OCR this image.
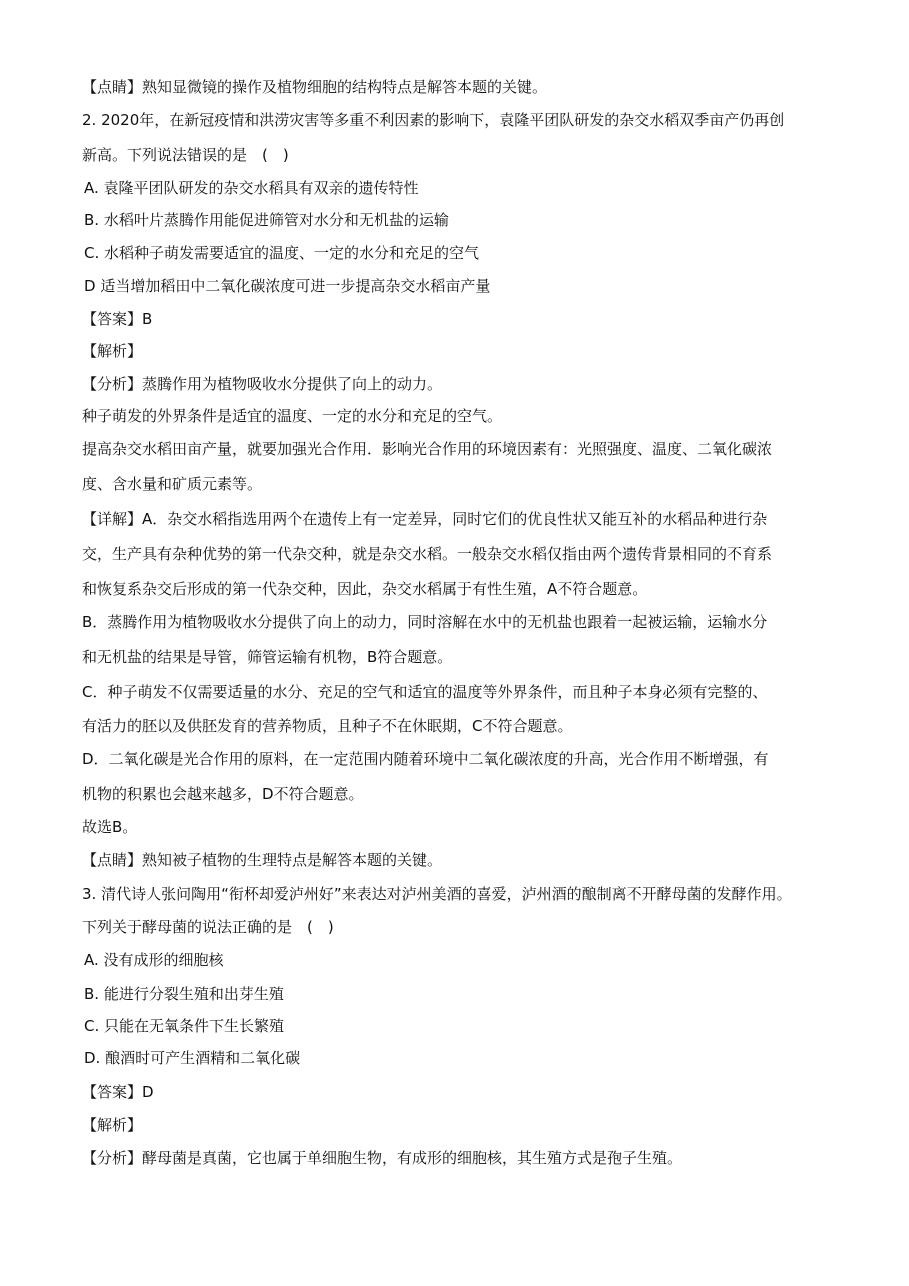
【点睛】熟知显微镜的操作及植物细胞的结构特点是解答本题的关键。
2. 2020年，在新冠疫情和洪涝灾害等多重不利因素的影响下，袁隆平团队研发的杂交水稻双季亩产仍再创
新高。下列说法错误的是　(　)
A. 袁隆平团队研发的杂交水稻具有双亲的遗传特性
B. 水稻叶片蒸腾作用能促进筛管对水分和无机盐的运输
C. 水稻种子萌发需要适宜的温度、一定的水分和充足的空气
D 适当增加稻田中二氧化碳浓度可进一步提高杂交水稻亩产量
【答案】B
【解析】
【分析】蒸腾作用为植物吸收水分提供了向上的动力。
种子萌发的外界条件是适宜的温度、一定的水分和充足的空气。
提高杂交水稻田亩产量，就要加强光合作用．影响光合作用的环境因素有：光照强度、温度、二氧化碳浓
度、含水量和矿质元素等。
【详解】A．杂交水稻指选用两个在遗传上有一定差异，同时它们的优良性状又能互补的水稻品种进行杂
交，生产具有杂种优势的第一代杂交种，就是杂交水稻。一般杂交水稻仅指由两个遗传背景相同的不育系
和恢复系杂交后形成的第一代杂交种，因此，杂交水稻属于有性生殖，A不符合题意。
B．蒸腾作用为植物吸收水分提供了向上的动力，同时溶解在水中的无机盐也跟着一起被运输，运输水分
和无机盐的结果是导管，筛管运输有机物，B符合题意。
C．种子萌发不仅需要适量的水分、充足的空气和适宜的温度等外界条件，而且种子本身必须有完整的、
有活力的胚以及供胚发育的营养物质，且种子不在休眠期，C不符合题意。
D．二氧化碳是光合作用的原料，在一定范围内随着环境中二氧化碳浓度的升高，光合作用不断增强，有
机物的积累也会越来越多，D不符合题意。
故选B。
【点睛】熟知被子植物的生理特点是解答本题的关键。
3. 清代诗人张问陶用“衔杯却爱泸州好”来表达对泸州美酒的喜爱，泸州酒的酿制离不开酵母菌的发酵作用。
下列关于酵母菌的说法正确的是　(　)
A. 没有成形的细胞核
B. 能进行分裂生殖和出芽生殖
C. 只能在无氧条件下生长繁殖
D. 酿酒时可产生酒精和二氧化碳
【答案】D
【解析】
【分析】酵母菌是真菌，它也属于单细胞生物，有成形的细胞核，其生殖方式是孢子生殖。
